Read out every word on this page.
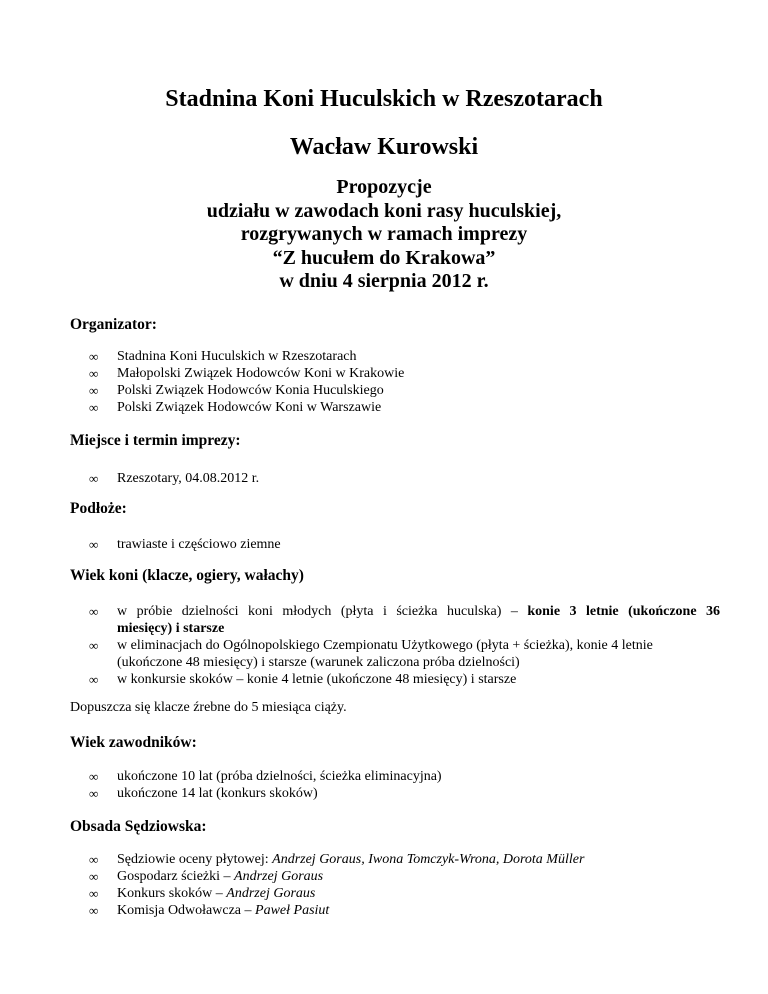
Stadnina Koni Huculskich w Rzeszotarach
Wacław Kurowski
Propozycje
udziału w zawodach koni rasy huculskiej,
rozgrywanych w ramach imprezy
“Z hucułem do Krakowa”
w dniu 4 sierpnia 2012 r.
Organizator:
∞ Stadnina Koni Huculskich w Rzeszotarach
∞ Małopolski Związek Hodowców Koni w Krakowie
∞ Polski Związek Hodowców Konia Huculskiego
∞ Polski Związek Hodowców Koni w Warszawie
Miejsce i termin imprezy:
∞ Rzeszotary, 04.08.2012 r.
Podłoże:
∞ trawiaste i częściowo ziemne
Wiek koni (klacze, ogiery, wałachy)
∞ w próbie dzielności koni młodych (płyta i ścieżka huculska) – konie 3 letnie (ukończone 36
miesięcy) i starsze
∞ w eliminacjach do Ogólnopolskiego Czempionatu Użytkowego (płyta + ścieżka), konie 4 letnie
(ukończone 48 miesięcy) i starsze (warunek zaliczona próba dzielności)
∞ w konkursie skoków – konie 4 letnie (ukończone 48 miesięcy) i starsze
Dopuszcza się klacze źrebne do 5 miesiąca ciąży.
Wiek zawodników:
∞ ukończone 10 lat (próba dzielności, ścieżka eliminacyjna)
∞ ukończone 14 lat (konkurs skoków)
Obsada Sędziowska:
∞ Sędziowie oceny płytowej: Andrzej Goraus, Iwona Tomczyk-Wrona, Dorota Müller
∞ Gospodarz ścieżki – Andrzej Goraus
∞ Konkurs skoków – Andrzej Goraus
∞ Komisja Odwoławcza – Paweł Pasiut
